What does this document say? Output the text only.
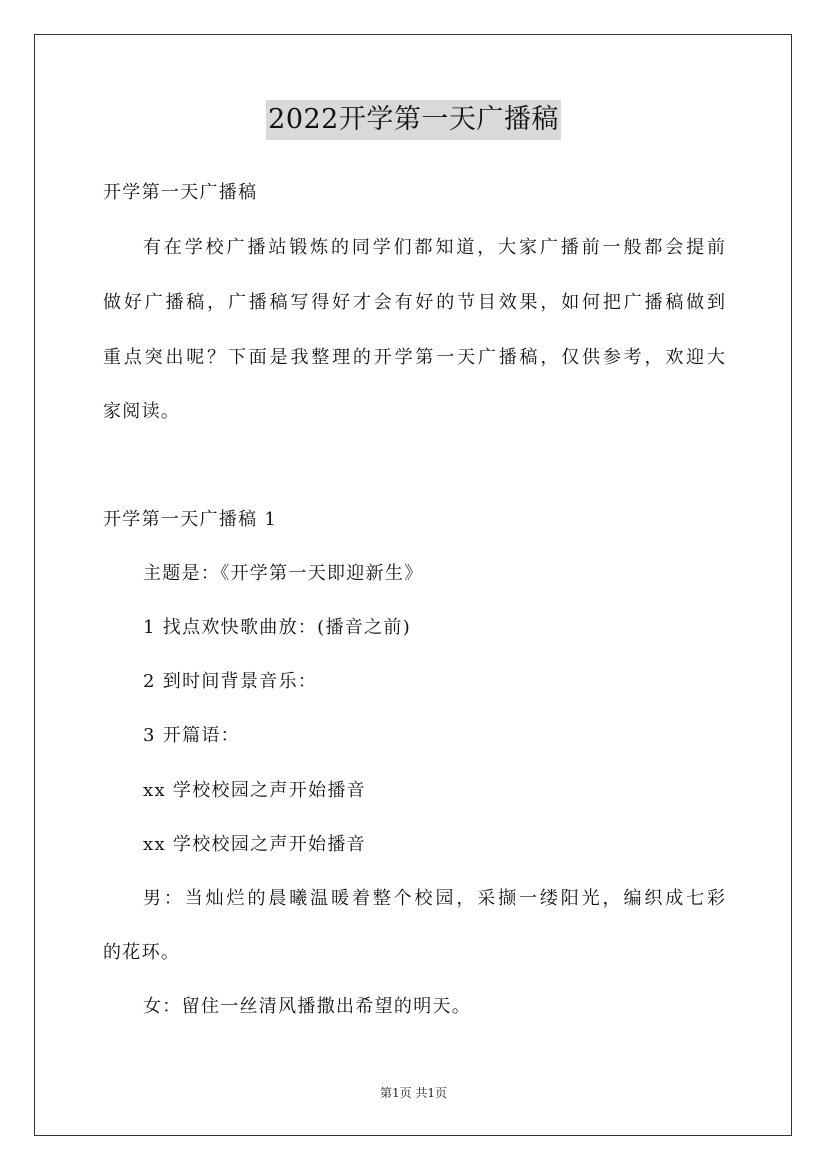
2022开学第一天广播稿
开学第一天广播稿
有在学校广播站锻炼的同学们都知道，大家广播前一般都会提前
做好广播稿，广播稿写得好才会有好的节目效果，如何把广播稿做到
重点突出呢？下面是我整理的开学第一天广播稿，仅供参考，欢迎大
家阅读。
开学第一天广播稿 1
主题是：《开学第一天即迎新生》
1 找点欢快歌曲放：(播音之前)
2 到时间背景音乐：
3 开篇语：
xx 学校校园之声开始播音
xx 学校校园之声开始播音
男：当灿烂的晨曦温暖着整个校园，采撷一缕阳光，编织成七彩
的花环。
女：留住一丝清风播撒出希望的明天。
第1页 共1页
